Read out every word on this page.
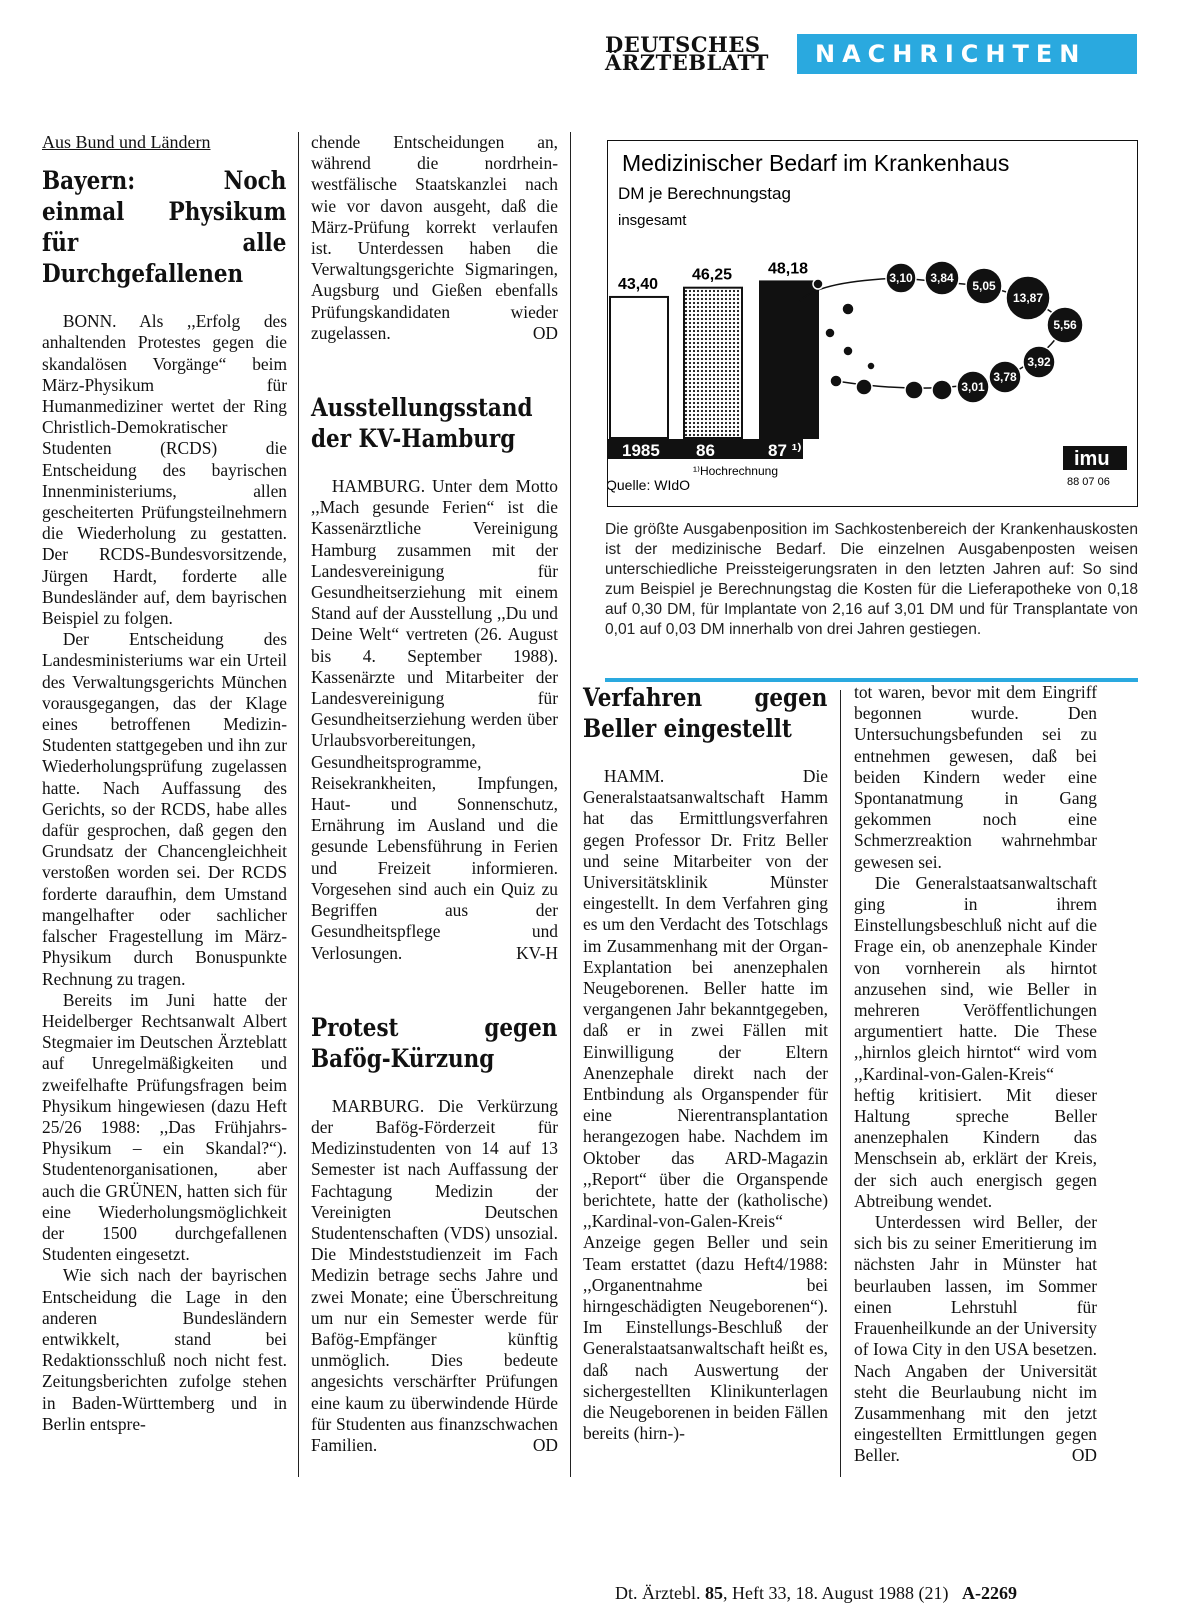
DEUTSCHES
ÄRZTEBLATT	NACHRICHTEN
Aus Bund und Ländern
Bayern: Noch einmal Physikum für alle Durchgefallenen

BONN. Als ,,Erfolg des anhaltenden Protestes gegen die skandalösen Vorgänge“ beim März-Physikum für Humanmediziner wertet der Ring Christlich-Demokratischer Studenten (RCDS) die Entscheidung des bayrischen Innenministeriums, allen gescheiterten Prüfungsteilnehmern die Wiederholung zu gestatten. Der RCDS-Bundesvorsitzende, Jürgen Hardt, forderte alle Bundesländer auf, dem bayrischen Beispiel zu folgen.

Der Entscheidung des Landesministeriums war ein Urteil des Verwaltungsgerichts München vorausgegangen, das der Klage eines betroffenen Medizin-Studenten stattgegeben und ihn zur Wiederholungsprüfung zugelassen hatte. Nach Auffassung des Gerichts, so der RCDS, habe alles dafür gesprochen, daß gegen den Grundsatz der Chancengleichheit verstoßen worden sei. Der RCDS forderte daraufhin, dem Umstand mangelhafter oder sachlicher falscher Fragestellung im März-Physikum durch Bonuspunkte Rechnung zu tragen.

Bereits im Juni hatte der Heidelberger Rechtsanwalt Albert Stegmaier im Deutschen Ärzteblatt auf Unregelmäßigkeiten und zweifelhafte Prüfungsfragen beim Physikum hingewiesen (dazu Heft 25/26 1988: ,,Das Frühjahrs-Physikum – ein Skandal?“). Studentenorganisationen, aber auch die GRÜNEN, hatten sich für eine Wiederholungsmöglichkeit der 1500 durchgefallenen Studenten eingesetzt.

Wie sich nach der bayrischen Entscheidung die Lage in den anderen Bundesländern entwikkelt, stand bei Redaktionsschluß noch nicht fest. Zeitungsberichten zufolge stehen in Baden-Württemberg und in Berlin entspre-

chende Entscheidungen an, während die nordrhein-westfälische Staatskanzlei nach wie vor davon ausgeht, daß die März-Prüfung korrekt verlaufen ist. Unterdessen haben die Verwaltungsgerichte Sigmaringen, Augsburg und Gießen ebenfalls Prüfungskandidaten wieder zugelassen.	OD

Ausstellungsstand der KV-Hamburg

HAMBURG. Unter dem Motto ,,Mach gesunde Ferien“ ist die Kassenärztliche Vereinigung Hamburg zusammen mit der Landesvereinigung für Gesundheitserziehung mit einem Stand auf der Ausstellung ,,Du und Deine Welt“ vertreten (26. August bis 4. September 1988). Kassenärzte und Mitarbeiter der Landesvereinigung für Gesundheitserziehung werden über Urlaubsvorbereitungen, Gesundheitsprogramme, Reisekrankheiten, Impfungen, Haut- und Sonnenschutz, Ernährung im Ausland und die gesunde Lebensführung in Ferien und Freizeit informieren. Vorgesehen sind auch ein Quiz zu Begriffen aus der Gesundheitspflege und Verlosungen.	KV-H

Protest gegen Bafög-Kürzung

MARBURG. Die Verkürzung der Bafög-Förderzeit für Medizinstudenten von 14 auf 13 Semester ist nach Auffassung der Fachtagung Medizin der Vereinigten Deutschen Studentenschaften (VDS) unsozial. Die Mindeststudienzeit im Fach Medizin betrage sechs Jahre und zwei Monate; eine Überschreitung um nur ein Semester werde für Bafög-Empfänger künftig unmöglich. Dies bedeute angesichts verschärfter Prüfungen eine kaum zu überwindende Hürde für Studenten aus finanzschwachen Familien.	OD

Medizinischer Bedarf im Krankenhaus
DM je Berechnungstag
insgesamt
43,40
1985
46,25
86
48,18
87 ¹⁾
3,10 3,84
5,05
13,87
5,56
3,92
3,78
3,01
¹⁾Hochrechnung
Quelle: WIdO
imu
88 07 06
Die größte Ausgabenposition im Sachkostenbereich der Krankenhauskosten ist der medizinische Bedarf. Die einzelnen Ausgabenposten weisen unterschiedliche Preissteigerungsraten in den letzten Jahren auf: So sind zum Beispiel je Berechnungstag die Kosten für die Lieferapotheke von 0,18 auf 0,30 DM, für Implantate von 2,16 auf 3,01 DM und für Transplantate von 0,01 auf 0,03 DM innerhalb von drei Jahren gestiegen.
Verfahren gegen Beller eingestellt

HAMM. Die Generalstaatsanwaltschaft Hamm hat das Ermittlungsverfahren gegen Professor Dr. Fritz Beller und seine Mitarbeiter von der Universitätsklinik Münster eingestellt. In dem Verfahren ging es um den Verdacht des Totschlags im Zusammenhang mit der Organ-Explantation bei anenzephalen Neugeborenen. Beller hatte im vergangenen Jahr bekanntgegeben, daß er in zwei Fällen mit Einwilligung der Eltern Anenzephale direkt nach der Entbindung als Organspender für eine Nierentransplantation herangezogen habe. Nachdem im Oktober das ARD-Magazin ,,Report“ über die Organspende berichtete, hatte der (katholische) ,,Kardinal-von-Galen-Kreis“ Anzeige gegen Beller und sein Team erstattet (dazu Heft4/1988: ,,Organentnahme bei hirngeschädigten Neugeborenen“). Im Einstellungs-Beschluß der Generalstaatsanwaltschaft heißt es, daß nach Auswertung der sichergestellten Klinikunterlagen die Neugeborenen in beiden Fällen bereits (hirn-)-

tot waren, bevor mit dem Eingriff begonnen wurde. Den Untersuchungsbefunden sei zu entnehmen gewesen, daß bei beiden Kindern weder eine Spontanatmung in Gang gekommen noch eine Schmerzreaktion wahrnehmbar gewesen sei.

Die Generalstaatsanwaltschaft ging in ihrem Einstellungsbeschluß nicht auf die Frage ein, ob anenzephale Kinder von vornherein als hirntot anzusehen sind, wie Beller in mehreren Veröffentlichungen argumentiert hatte. Die These ,,hirnlos gleich hirntot“ wird vom ,,Kardinal-von-Galen-Kreis“ heftig kritisiert. Mit dieser Haltung spreche Beller anenzephalen Kindern das Menschsein ab, erklärt der Kreis, der sich auch energisch gegen Abtreibung wendet.

Unterdessen wird Beller, der sich bis zu seiner Emeritierung im nächsten Jahr in Münster hat beurlauben lassen, im Sommer einen Lehrstuhl für Frauenheilkunde an der University of Iowa City in den USA besetzen. Nach Angaben der Universität steht die Beurlaubung nicht im Zusammenhang mit den jetzt eingestellten Ermittlungen gegen Beller.	OD

Dt. Ärztebl. 85, Heft 33, 18. August 1988 (21) A-2269
